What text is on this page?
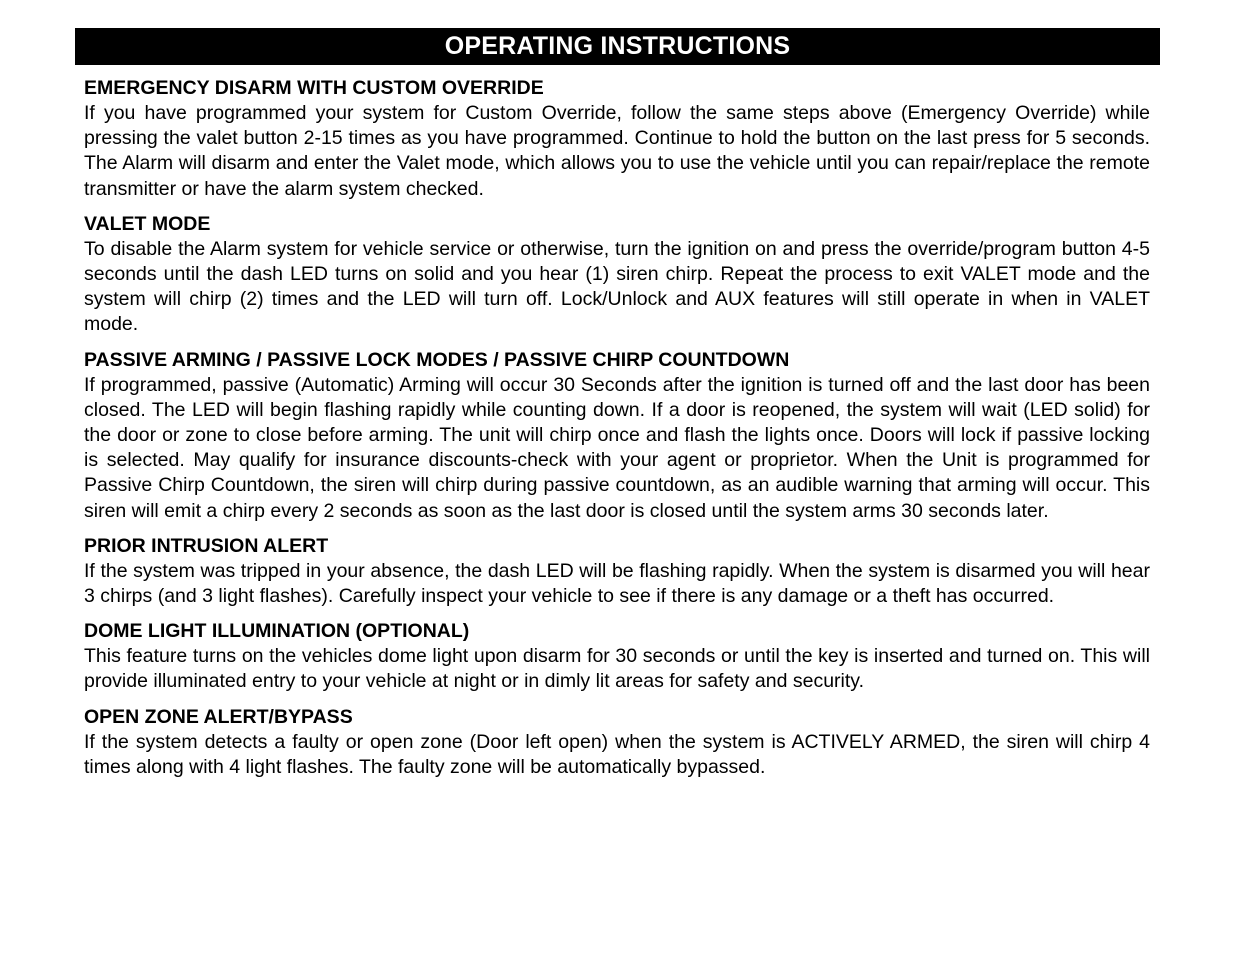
OPERATING INSTRUCTIONS
EMERGENCY DISARM WITH CUSTOM OVERRIDE
If you have programmed your system for Custom Override, follow the same steps above (Emergency Override) while pressing the valet button 2-15 times as you have programmed. Continue to hold the button on the last press for 5 seconds. The Alarm will disarm and enter the Valet mode, which allows you to use the vehicle until you can repair/replace the remote transmitter or have the alarm system checked.
VALET MODE
To disable the Alarm system for vehicle service or otherwise, turn the ignition on and press the override/program button 4-5 seconds until the dash LED turns on solid and you hear (1) siren chirp. Repeat the process to exit VALET mode and the system will chirp (2) times and the LED will turn off. Lock/Unlock and AUX features will still operate in when in VALET mode.
PASSIVE ARMING / PASSIVE LOCK MODES / PASSIVE CHIRP COUNTDOWN
If programmed, passive (Automatic) Arming will occur 30 Seconds after the ignition is turned off and the last door has been closed. The LED will begin flashing rapidly while counting down. If a door is reopened, the system will wait (LED solid) for the door or zone to close before arming. The unit will chirp once and flash the lights once. Doors will lock if passive locking is selected. May qualify for insurance discounts-check with your agent or proprietor. When the Unit is programmed for Passive Chirp Countdown, the siren will chirp during passive countdown, as an audible warning that arming will occur. This siren will emit a chirp every 2 seconds as soon as the last door is closed until the system arms 30 seconds later.
PRIOR INTRUSION ALERT
If the system was tripped in your absence, the dash LED will be flashing rapidly. When the system is disarmed you will hear 3 chirps (and 3 light flashes). Carefully inspect your vehicle to see if there is any damage or a theft has occurred.
DOME LIGHT ILLUMINATION (OPTIONAL)
This feature turns on the vehicles dome light upon disarm for 30 seconds or until the key is inserted and turned on. This will provide illuminated entry to your vehicle at night or in dimly lit areas for safety and security.
OPEN ZONE ALERT/BYPASS
If the system detects a faulty or open zone (Door left open) when the system is ACTIVELY ARMED, the siren will chirp 4 times along with 4 light flashes. The faulty zone will be automatically bypassed.
